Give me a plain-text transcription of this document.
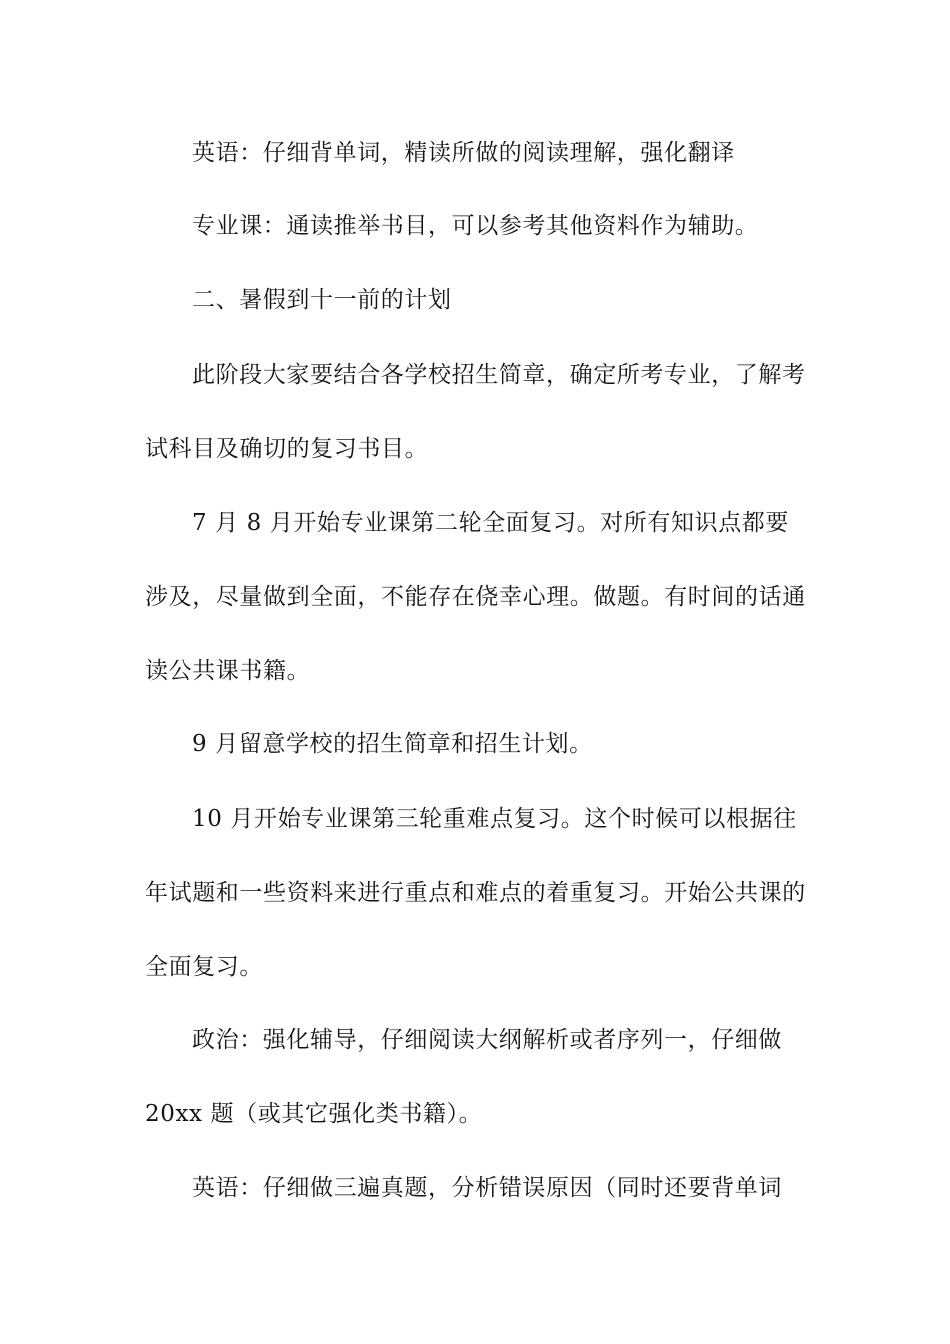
英语：仔细背单词，精读所做的阅读理解，强化翻译

专业课：通读推举书目，可以参考其他资料作为辅助。

二、暑假到十一前的计划

此阶段大家要结合各学校招生简章，确定所考专业，了解考试科目及确切的复习书目。

7 月 8 月开始专业课第二轮全面复习。对所有知识点都要涉及，尽量做到全面，不能存在侥幸心理。做题。有时间的话通读公共课书籍。

9 月留意学校的招生简章和招生计划。

10 月开始专业课第三轮重难点复习。这个时候可以根据往年试题和一些资料来进行重点和难点的着重复习。开始公共课的全面复习。

政治：强化辅导，仔细阅读大纲解析或者序列一，仔细做20xx 题（或其它强化类书籍）。

英语：仔细做三遍真题，分析错误原因（同时还要背单词
